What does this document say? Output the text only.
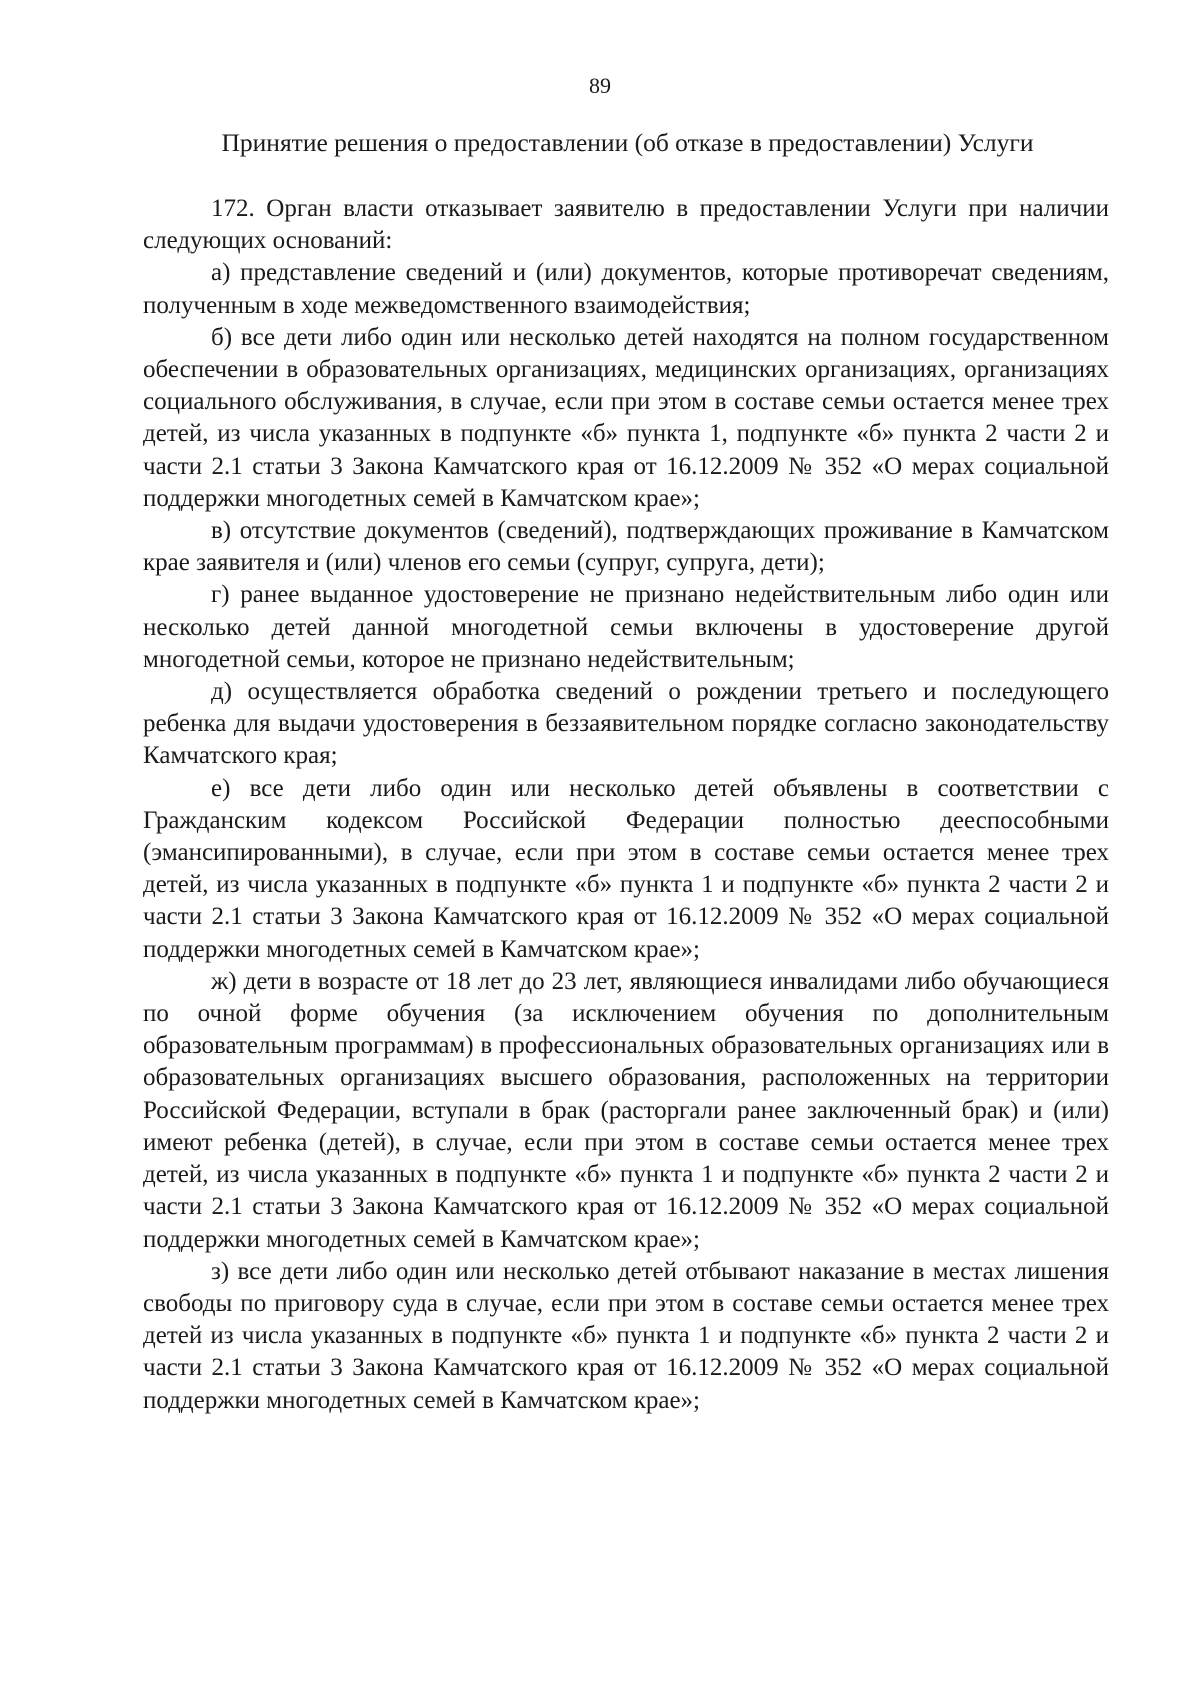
89
Принятие решения о предоставлении (об отказе в предоставлении) Услуги

172. Орган власти отказывает заявителю в предоставлении Услуги при наличии следующих оснований:

а) представление сведений и (или) документов, которые противоречат сведениям, полученным в ходе межведомственного взаимодействия;

б) все дети либо один или несколько детей находятся на полном государственном обеспечении в образовательных организациях, медицинских организациях, организациях социального обслуживания, в случае, если при этом в составе семьи остается менее трех детей, из числа указанных в подпункте «б» пункта 1, подпункте «б» пункта 2 части 2 и части 2.1 статьи 3 Закона Камчатского края от 16.12.2009 № 352 «О мерах социальной поддержки многодетных семей в Камчатском крае»;

в) отсутствие документов (сведений), подтверждающих проживание в Камчатском крае заявителя и (или) членов его семьи (супруг, супруга, дети);

г) ранее выданное удостоверение не признано недействительным либо один или несколько детей данной многодетной семьи включены в удостоверение другой многодетной семьи, которое не признано недействительным;

д) осуществляется обработка сведений о рождении третьего и последующего ребенка для выдачи удостоверения в беззаявительном порядке согласно законодательству Камчатского края;

е) все дети либо один или несколько детей объявлены в соответствии с Гражданским кодексом Российской Федерации полностью дееспособными (эмансипированными), в случае, если при этом в составе семьи остается менее трех детей, из числа указанных в подпункте «б» пункта 1 и подпункте «б» пункта 2 части 2 и части 2.1 статьи 3 Закона Камчатского края от 16.12.2009 № 352 «О мерах социальной поддержки многодетных семей в Камчатском крае»;

ж) дети в возрасте от 18 лет до 23 лет, являющиеся инвалидами либо обучающиеся по очной форме обучения (за исключением обучения по дополнительным образовательным программам) в профессиональных образовательных организациях или в образовательных организациях высшего образования, расположенных на территории Российской Федерации, вступали в брак (расторгали ранее заключенный брак) и (или) имеют ребенка (детей), в случае, если при этом в составе семьи остается менее трех детей, из числа указанных в подпункте «б» пункта 1 и подпункте «б» пункта 2 части 2 и части 2.1 статьи 3 Закона Камчатского края от 16.12.2009 № 352 «О мерах социальной поддержки многодетных семей в Камчатском крае»;

з) все дети либо один или несколько детей отбывают наказание в местах лишения свободы по приговору суда в случае, если при этом в составе семьи остается менее трех детей из числа указанных в подпункте «б» пункта 1 и подпункте «б» пункта 2 части 2 и части 2.1 статьи 3 Закона Камчатского края от 16.12.2009 № 352 «О мерах социальной поддержки многодетных семей в Камчатском крае»;
